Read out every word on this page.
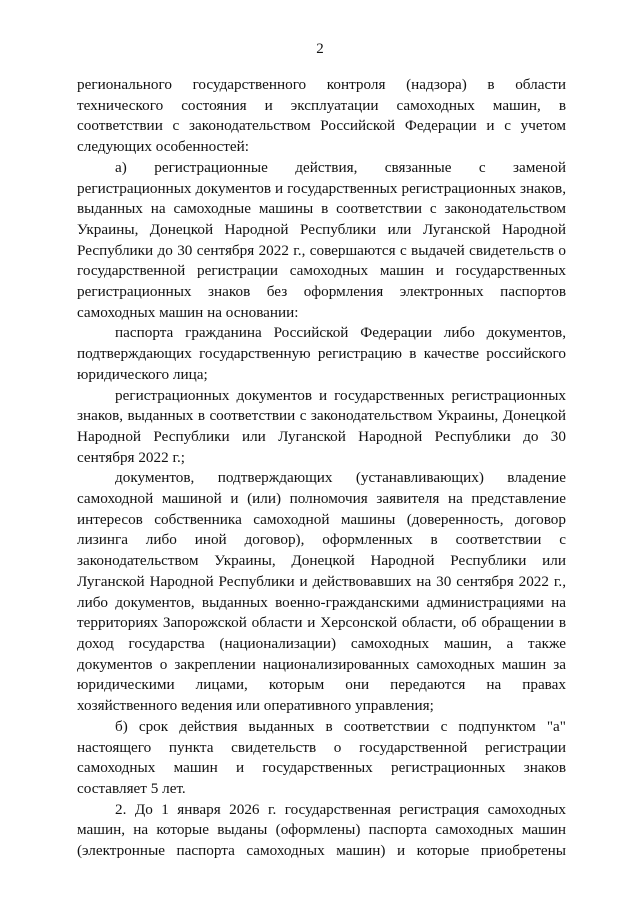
2

регионального государственного контроля (надзора) в области технического состояния и эксплуатации самоходных машин, в соответствии с законодательством Российской Федерации и с учетом следующих особенностей:

а) регистрационные действия, связанные с заменой регистрационных документов и государственных регистрационных знаков, выданных на самоходные машины в соответствии с законодательством Украины, Донецкой Народной Республики или Луганской Народной Республики до 30 сентября 2022 г., совершаются с выдачей свидетельств о государственной регистрации самоходных машин и государственных регистрационных знаков без оформления электронных паспортов самоходных машин на основании:

паспорта гражданина Российской Федерации либо документов, подтверждающих государственную регистрацию в качестве российского юридического лица;

регистрационных документов и государственных регистрационных знаков, выданных в соответствии с законодательством Украины, Донецкой Народной Республики или Луганской Народной Республики до 30 сентября 2022 г.;

документов, подтверждающих (устанавливающих) владение самоходной машиной и (или) полномочия заявителя на представление интересов собственника самоходной машины (доверенность, договор лизинга либо иной договор), оформленных в соответствии с законодательством Украины, Донецкой Народной Республики или Луганской Народной Республики и действовавших на 30 сентября 2022 г., либо документов, выданных военно-гражданскими администрациями на территориях Запорожской области и Херсонской области, об обращении в доход государства (национализации) самоходных машин, а также документов о закреплении национализированных самоходных машин за юридическими лицами, которым они передаются на правах хозяйственного ведения или оперативного управления;

б) срок действия выданных в соответствии с подпунктом "а" настоящего пункта свидетельств о государственной регистрации самоходных машин и государственных регистрационных знаков составляет 5 лет.

2. До 1 января 2026 г. государственная регистрация самоходных машин, на которые выданы (оформлены) паспорта самоходных машин (электронные паспорта самоходных машин) и которые приобретены
